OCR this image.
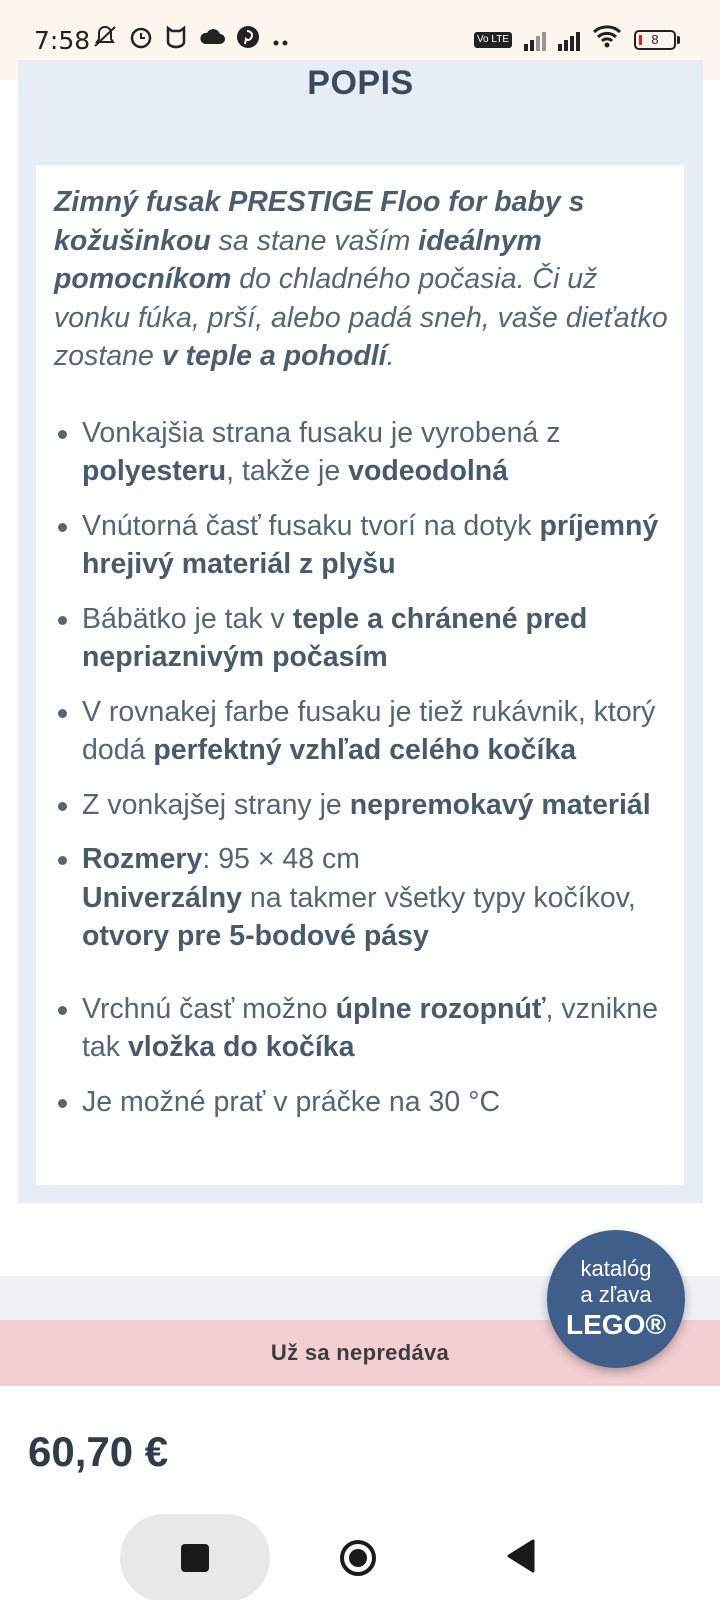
7:58	Vo LTE	8
POPIS

Zimný fusak PRESTIGE Floo for baby s kožušinkou sa stane vaším ideálnym pomocníkom do chladného počasia. Či už vonku fúka, prší, alebo padá sneh, vaše dieťatko zostane v teple a pohodlí.

Vonkajšia strana fusaku je vyrobená z polyesteru, takže je vodeodolná
Vnútorná časť fusaku tvorí na dotyk príjemný hrejivý materiál z plyšu
Bábätko je tak v teple a chránené pred nepriaznivým počasím
V rovnakej farbe fusaku je tiež rukávnik, ktorý dodá perfektný vzhľad celého kočíka
Z vonkajšej strany je nepremokavý materiál
Rozmery: 95 × 48 cm
Univerzálny na takmer všetky typy kočíkov, otvory pre 5-bodové pásy
Vrchnú časť možno úplne rozopnúť, vznikne tak vložka do kočíka
Je možné prať v práčke na 30 °C
Už sa nepredáva
katalóg
a zľava
LEGO®
60,70 €
